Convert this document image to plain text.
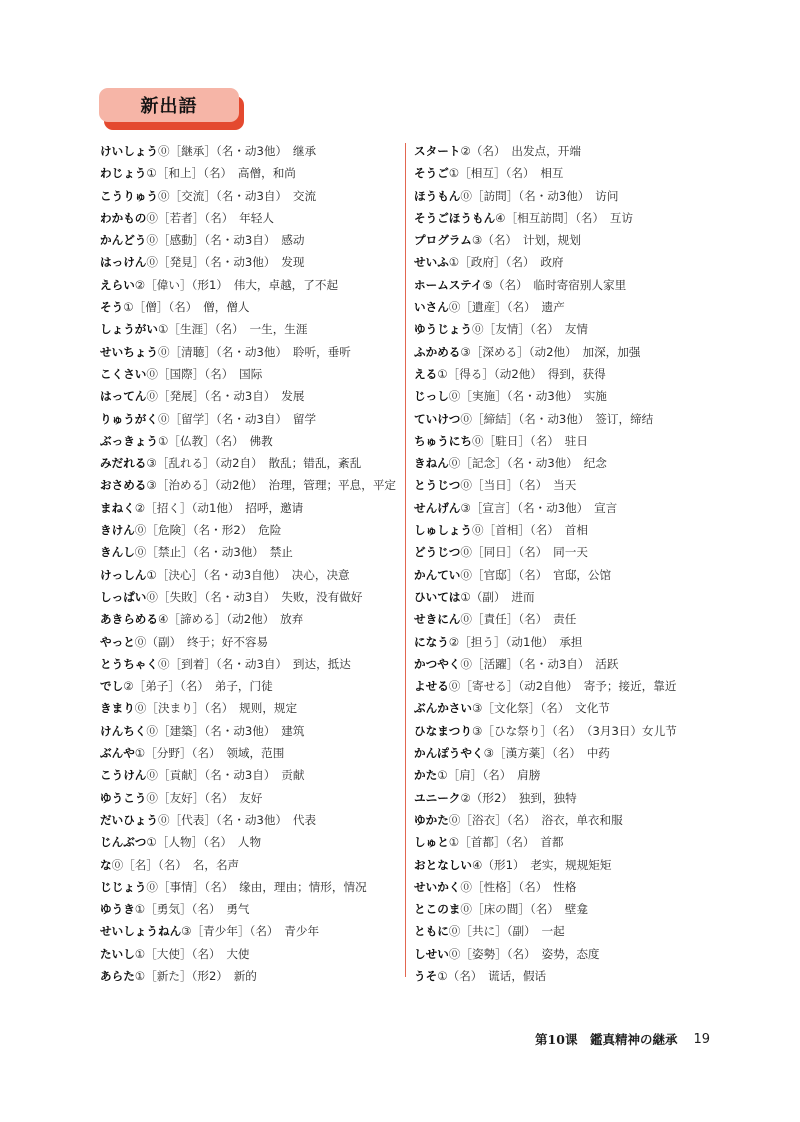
新出語
けいしょう⓪［継承］（名・动3他）　继承
わじょう①［和上］（名）　高僧，和尚
こうりゅう⓪［交流］（名・动3自）　交流
わかもの⓪［若者］（名）　年轻人
かんどう⓪［感動］（名・动3自）　感动
はっけん⓪［発見］（名・动3他）　发现
えらい②［偉い］（形1）　伟大，卓越，了不起
そう①［僧］（名）　僧，僧人
しょうがい①［生涯］（名）　一生，生涯
せいちょう⓪［清聴］（名・动3他）　聆听，垂听
こくさい⓪［国際］（名）　国际
はってん⓪［発展］（名・动3自）　发展
りゅうがく⓪［留学］（名・动3自）　留学
ぶっきょう①［仏教］（名）　佛教
みだれる③［乱れる］（动2自）　散乱；错乱，紊乱
おさめる③［治める］（动2他）　治理，管理；平息，平定
まねく②［招く］（动1他）　招呼，邀请
きけん⓪［危険］（名・形2）　危险
きんし⓪［禁止］（名・动3他）　禁止
けっしん①［決心］（名・动3自他）　决心，决意
しっぱい⓪［失敗］（名・动3自）　失败，没有做好
あきらめる④［諦める］（动2他）　放弃
やっと⓪（副）　终于；好不容易
とうちゃく⓪［到着］（名・动3自）　到达，抵达
でし②［弟子］（名）　弟子，门徒
きまり⓪［決まり］（名）　规则，规定
けんちく⓪［建築］（名・动3他）　建筑
ぶんや①［分野］（名）　领域，范围
こうけん⓪［貢献］（名・动3自）　贡献
ゆうこう⓪［友好］（名）　友好
だいひょう⓪［代表］（名・动3他）　代表
じんぶつ①［人物］（名）　人物
な⓪［名］（名）　名，名声
じじょう⓪［事情］（名）　缘由，理由；情形，情况
ゆうき①［勇気］（名）　勇气
せいしょうねん③［青少年］（名）　青少年
たいし①［大使］（名）　大使
あらた①［新た］（形2）　新的
スタート②（名）　出发点，开端
そうご①［相互］（名）　相互
ほうもん⓪［訪問］（名・动3他）　访问
そうごほうもん④［相互訪問］（名）　互访
プログラム③（名）　计划，规划
せいふ①［政府］（名）　政府
ホームステイ⑤（名）　临时寄宿别人家里
いさん⓪［遺産］（名）　遗产
ゆうじょう⓪［友情］（名）　友情
ふかめる③［深める］（动2他）　加深，加强
える①［得る］（动2他）　得到，获得
じっし⓪［実施］（名・动3他）　实施
ていけつ⓪［締結］（名・动3他）　签订，缔结
ちゅうにち⓪［駐日］（名）　驻日
きねん⓪［記念］（名・动3他）　纪念
とうじつ⓪［当日］（名）　当天
せんげん③［宣言］（名・动3他）　宣言
しゅしょう⓪［首相］（名）　首相
どうじつ⓪［同日］（名）　同一天
かんてい⓪［官邸］（名）　官邸，公馆
ひいては①（副）　进而
せきにん⓪［責任］（名）　责任
になう②［担う］（动1他）　承担
かつやく⓪［活躍］（名・动3自）　活跃
よせる⓪［寄せる］（动2自他）　寄予；接近，靠近
ぶんかさい③［文化祭］（名）　文化节
ひなまつり③［ひな祭り］（名）　（3月3日）女儿节
かんぽうやく③［漢方薬］（名）　中药
かた①［肩］（名）　肩膀
ユニーク②（形2）　独到，独特
ゆかた⓪［浴衣］（名）　浴衣，单衣和服
しゅと①［首都］（名）　首都
おとなしい④（形1）　老实，规规矩矩
せいかく⓪［性格］（名）　性格
とこのま⓪［床の間］（名）　壁龛
ともに⓪［共に］（副）　一起
しせい⓪［姿勢］（名）　姿势，态度
うそ①（名）　谎话，假话
第10课　鑑真精神の継承 19
